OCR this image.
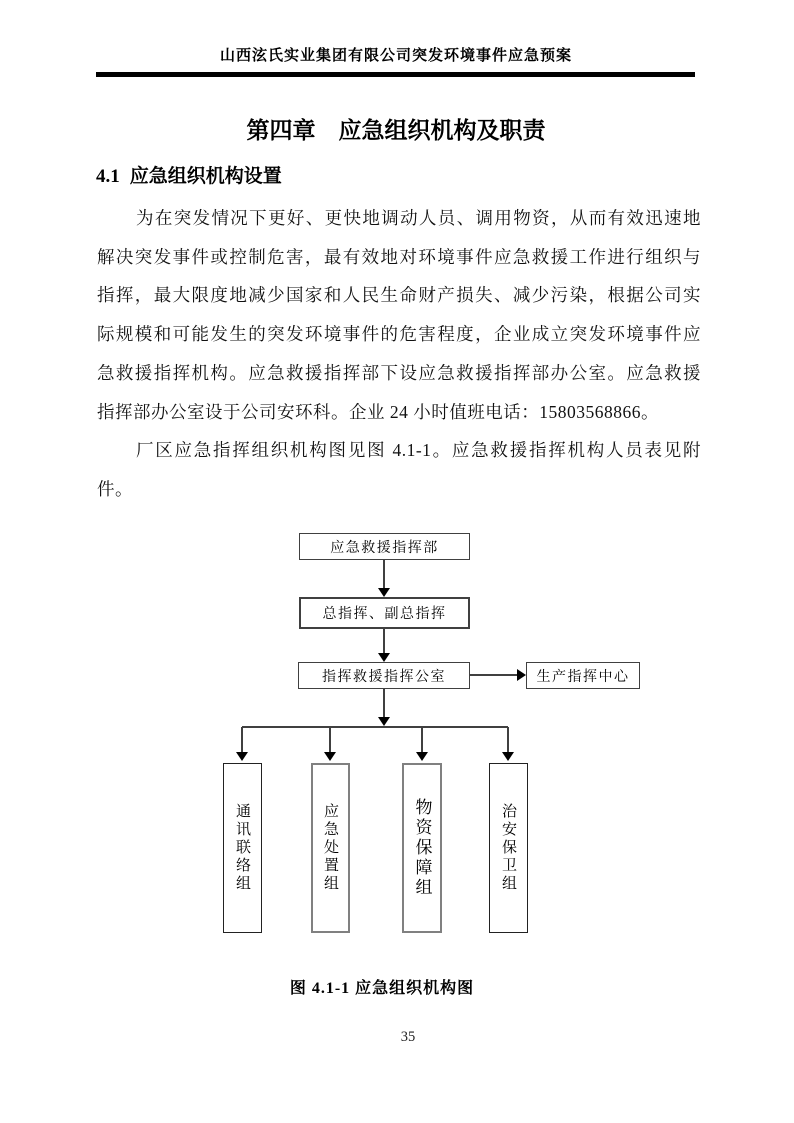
山西泫氏实业集团有限公司突发环境事件应急预案
第四章　应急组织机构及职责
4.1 应急组织机构设置
为在突发情况下更好、更快地调动人员、调用物资，从而有效迅速地
解决突发事件或控制危害，最有效地对环境事件应急救援工作进行组织与
指挥，最大限度地减少国家和人民生命财产损失、减少污染，根据公司实
际规模和可能发生的突发环境事件的危害程度，企业成立突发环境事件应
急救援指挥机构。应急救援指挥部下设应急救援指挥部办公室。应急救援
指挥部办公室设于公司安环科。企业 24 小时值班电话：15803568866。
厂区应急指挥组织机构图见图 4.1-1。应急救援指挥机构人员表见附
件。
应急救援指挥部
总指挥、副总指挥
指挥救援指挥公室	生产指挥中心
通讯联络组	应急处置组	物资保障组	治安保卫组
图 4.1-1 应急组织机构图
35
